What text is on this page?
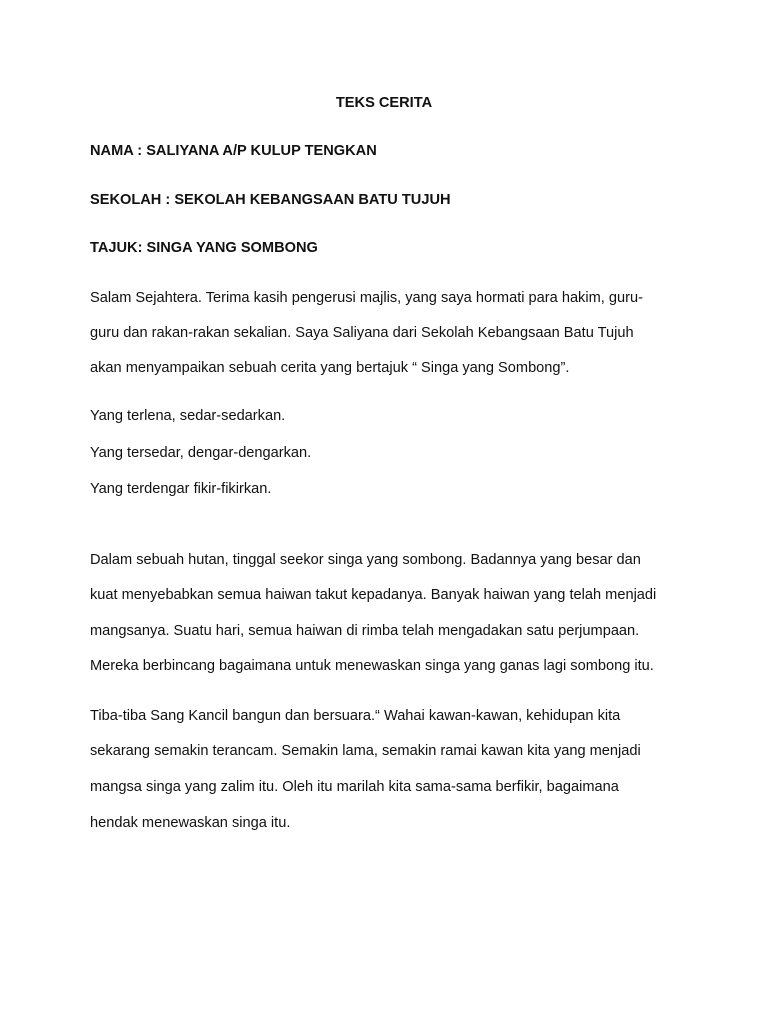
TEKS CERITA
NAMA : SALIYANA A/P KULUP TENGKAN
SEKOLAH : SEKOLAH KEBANGSAAN BATU TUJUH
TAJUK: SINGA YANG SOMBONG
Salam Sejahtera. Terima kasih pengerusi majlis, yang saya hormati para hakim, guru-
guru dan rakan-rakan sekalian. Saya Saliyana dari Sekolah Kebangsaan Batu Tujuh
akan menyampaikan sebuah cerita yang bertajuk “ Singa yang Sombong”.
Yang terlena, sedar-sedarkan.
Yang tersedar, dengar-dengarkan.
Yang terdengar fikir-fikirkan.
Dalam sebuah hutan, tinggal seekor singa yang sombong. Badannya yang besar dan
kuat menyebabkan semua haiwan takut kepadanya. Banyak haiwan yang telah menjadi
mangsanya. Suatu hari, semua haiwan di rimba telah mengadakan satu perjumpaan.
Mereka berbincang bagaimana untuk menewaskan singa yang ganas lagi sombong itu.
Tiba-tiba Sang Kancil bangun dan bersuara.“ Wahai kawan-kawan, kehidupan kita
sekarang semakin terancam. Semakin lama, semakin ramai kawan kita yang menjadi
mangsa singa yang zalim itu. Oleh itu marilah kita sama-sama berfikir, bagaimana
hendak menewaskan singa itu.
